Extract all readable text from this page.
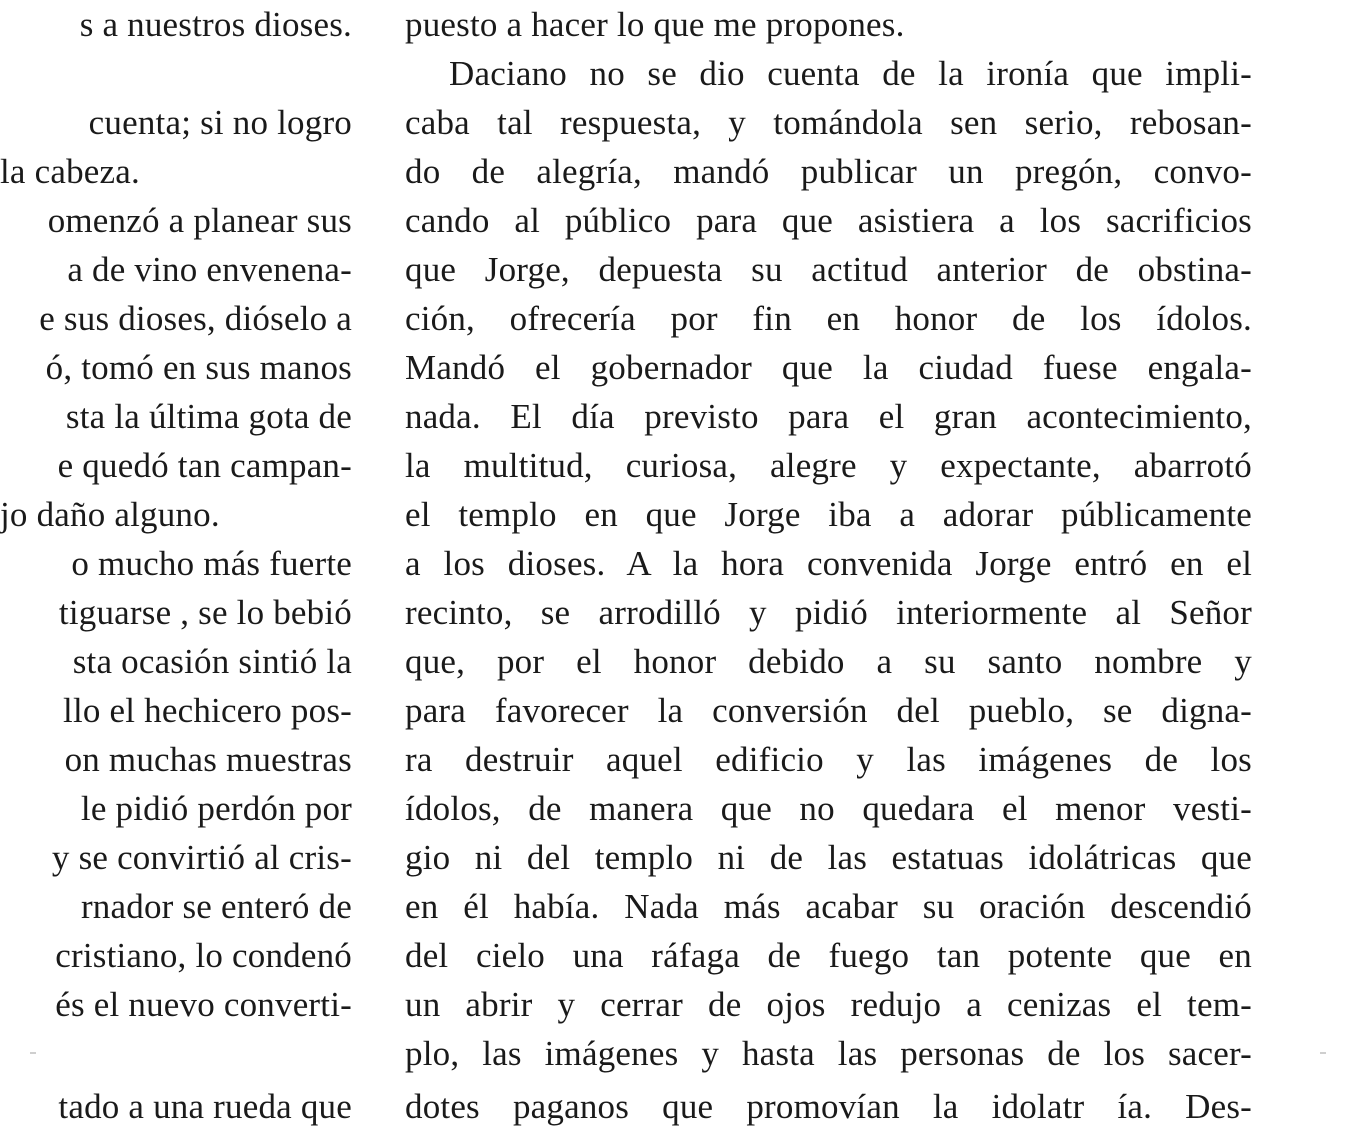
s a nuestros dioses.
cuenta; si no logro
la cabeza.
omenzó a planear sus
a de vino envenena-
e sus dioses, dióselo a
ó, tomó en sus manos
sta la última gota de
e quedó tan campan-
jo daño alguno.
o mucho más fuerte
tiguarse , se lo bebió
sta ocasión sintió la
llo el hechicero pos-
on muchas muestras
le pidió perdón por
y se convirtió al cris-
rnador se enteró de
cristiano, lo condenó
és el nuevo converti-
tado a una rueda que
puesto a hacer lo que me propones.
Daciano no se dio cuenta de la ironía que impli-
caba tal respuesta, y tomándola sen serio, rebosan-
do de alegría, mandó publicar un pregón, convo-
cando al público para que asistiera a los sacrificios
que Jorge, depuesta su actitud anterior de obstina-
ción, ofrecería por fin en honor de los ídolos.
Mandó el gobernador que la ciudad fuese engala-
nada. El día previsto para el gran acontecimiento,
la multitud, curiosa, alegre y expectante, abarrotó
el templo en que Jorge iba a adorar públicamente
a los dioses. A la hora convenida Jorge entró en el
recinto, se arrodilló y pidió interiormente al Señor
que, por el honor debido a su santo nombre y
para favorecer la conversión del pueblo, se digna-
ra destruir aquel edificio y las imágenes de los
ídolos, de manera que no quedara el menor vesti-
gio ni del templo ni de las estatuas idolátricas que
en él había. Nada más acabar su oración descendió
del cielo una ráfaga de fuego tan potente que en
un abrir y cerrar de ojos redujo a cenizas el tem-
plo, las imágenes y hasta las personas de los sacer-
dotes paganos que promovían la idolatr ía. Des-
